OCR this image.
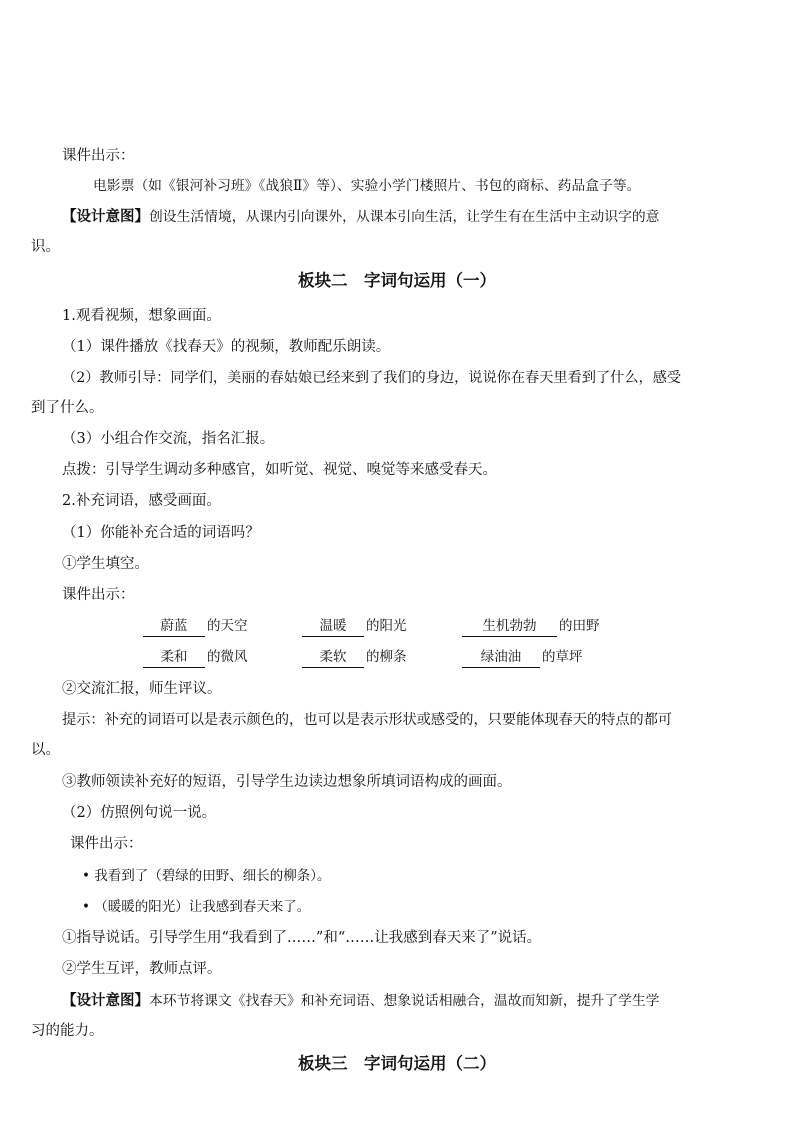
课件出示：
电影票（如《银河补习班》《战狼Ⅱ》等）、实验小学门楼照片、书包的商标、药品盒子等。
【设计意图】创设生活情境，从课内引向课外，从课本引向生活，让学生有在生活中主动识字的意
识。
板块二　字词句运用（一）
1.观看视频，想象画面。
（1）课件播放《找春天》的视频，教师配乐朗读。
（2）教师引导：同学们，美丽的春姑娘已经来到了我们的身边，说说你在春天里看到了什么，感受
到了什么。
（3）小组合作交流，指名汇报。
点拨：引导学生调动多种感官，如听觉、视觉、嗅觉等来感受春天。
2.补充词语，感受画面。
（1）你能补充合适的词语吗？
①学生填空。
课件出示：
蔚蓝	的天空	温暖	的阳光	生机勃勃	的田野
柔和	的微风	柔软	的柳条	绿油油	的草坪
②交流汇报，师生评议。
提示：补充的词语可以是表示颜色的，也可以是表示形状或感受的，只要能体现春天的特点的都可
以。
③教师领读补充好的短语，引导学生边读边想象所填词语构成的画面。
（2）仿照例句说一说。
课件出示：
• 我看到了（碧绿的田野、细长的柳条）。
• （暖暖的阳光）让我感到春天来了。
①指导说话。引导学生用“我看到了……”和“……让我感到春天来了”说话。
②学生互评，教师点评。
【设计意图】本环节将课文《找春天》和补充词语、想象说话相融合，温故而知新，提升了学生学
习的能力。
板块三　字词句运用（二）
